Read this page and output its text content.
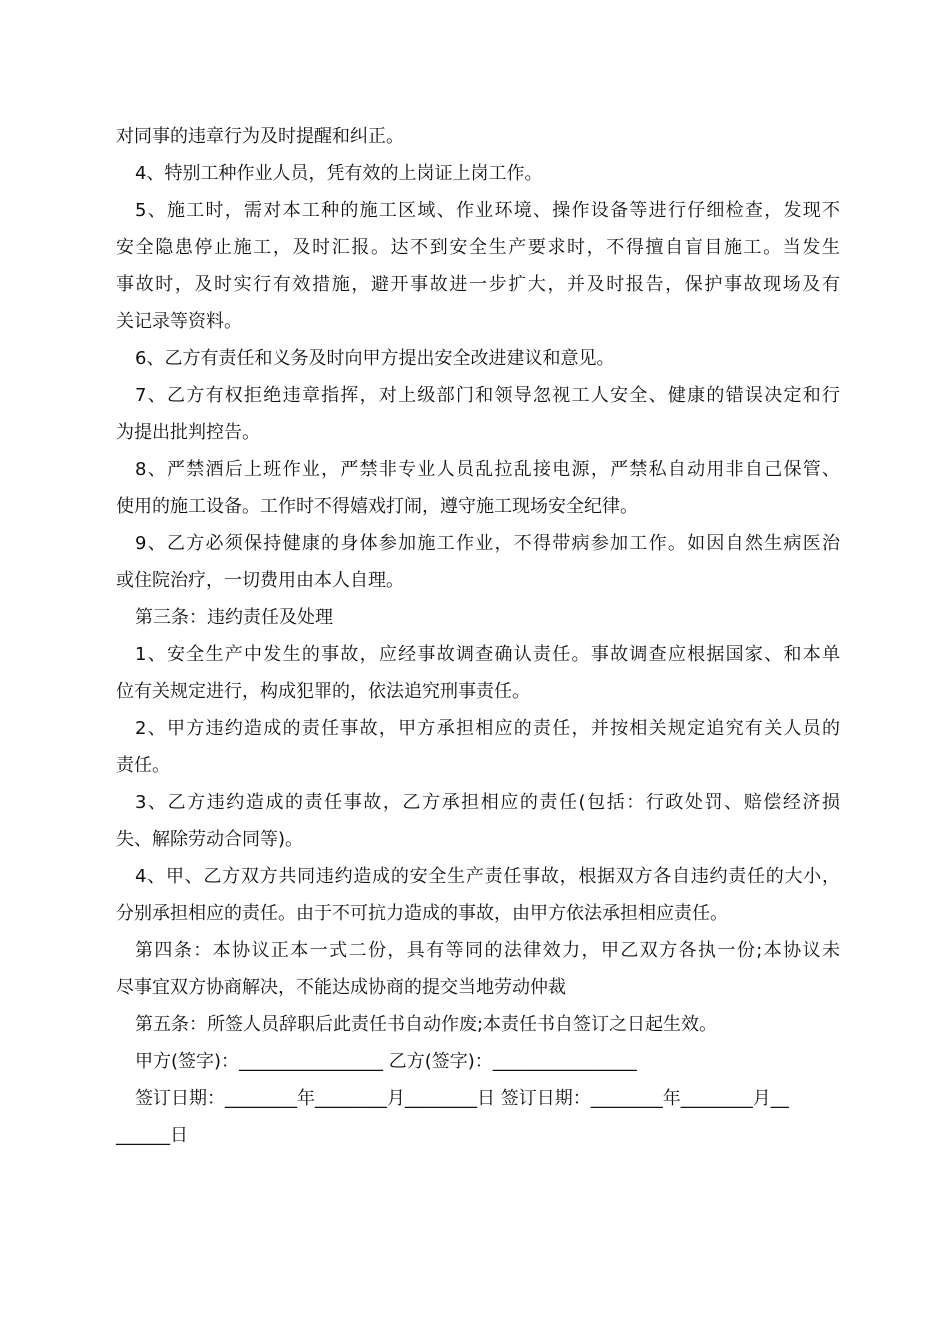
对同事的违章行为及时提醒和纠正。
4、特别工种作业人员，凭有效的上岗证上岗工作。
5、施工时，需对本工种的施工区域、作业环境、操作设备等进行仔细检查，发现不
安全隐患停止施工，及时汇报。达不到安全生产要求时，不得擅自盲目施工。当发生
事故时，及时实行有效措施，避开事故进一步扩大，并及时报告，保护事故现场及有
关记录等资料。
6、乙方有责任和义务及时向甲方提出安全改进建议和意见。
7、乙方有权拒绝违章指挥，对上级部门和领导忽视工人安全、健康的错误决定和行
为提出批判控告。
8、严禁酒后上班作业，严禁非专业人员乱拉乱接电源，严禁私自动用非自己保管、
使用的施工设备。工作时不得嬉戏打闹，遵守施工现场安全纪律。
9、乙方必须保持健康的身体参加施工作业，不得带病参加工作。如因自然生病医治
或住院治疗，一切费用由本人自理。
第三条：违约责任及处理
1、安全生产中发生的事故，应经事故调查确认责任。事故调查应根据国家、和本单
位有关规定进行，构成犯罪的，依法追究刑事责任。
2、甲方违约造成的责任事故，甲方承担相应的责任，并按相关规定追究有关人员的
责任。
3、乙方违约造成的责任事故，乙方承担相应的责任(包括：行政处罚、赔偿经济损
失、解除劳动合同等)。
4、甲、乙方双方共同违约造成的安全生产责任事故，根据双方各自违约责任的大小，
分别承担相应的责任。由于不可抗力造成的事故，由甲方依法承担相应责任。
第四条：本协议正本一式二份，具有等同的法律效力，甲乙双方各执一份;本协议未
尽事宜双方协商解决，不能达成协商的提交当地劳动仲裁
第五条：所签人员辞职后此责任书自动作废;本责任书自签订之日起生效。
甲方(签字)：________________ 乙方(签字)：________________
签订日期：________年________月________日 签订日期：________年________月__
______日
